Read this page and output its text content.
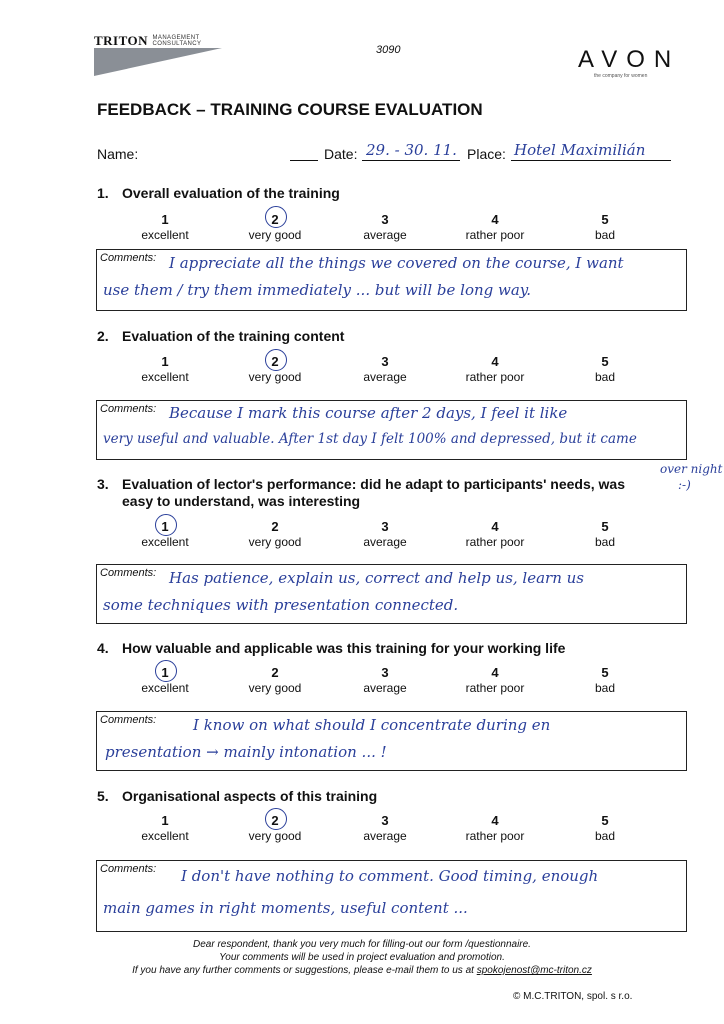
TRITON MANAGEMENT
CONSULTANCY
3090	AVON
the company for women
FEEDBACK – TRAINING COURSE EVALUATION
Name:	Date: 29. - 30. 11. Place: Hotel Maximilián
1. Overall evaluation of the training
1
excellent
2
very good
3
average
4
rather poor
5
bad
Comments: I appreciate all the things we covered on the course, I want
use them / try them immediately ... but will be long way.
2. Evaluation of the training content
1
excellent
2
very good
3
average
4
rather poor
5
bad
Comments: Because I mark this course after 2 days, I feel it like
very useful and valuable. After 1st day I felt 100% and depressed, but it came
over night
:-)
3. Evaluation of lector's performance: did he adapt to participants' needs, was
easy to understand, was interesting
1
excellent
2
very good
3
average
4
rather poor
5
bad
Comments: Has patience, explain us, correct and help us, learn us
some techniques with presentation connected.
4. How valuable and applicable was this training for your working life
1
excellent
2
very good
3
average
4
rather poor
5
bad
Comments: I know on what should I concentrate during en
presentation → mainly intonation ... !
5. Organisational aspects of this training
1
excellent
2
very good
3
average
4
rather poor
5
bad
Comments: I don't have nothing to comment. Good timing, enough
main games in right moments, useful content ...
Dear respondent, thank you very much for filling-out our form /questionnaire.
Your comments will be used in project evaluation and promotion.
If you have any further comments or suggestions, please e-mail them to us at spokojenost@mc-triton.cz
© M.C.TRITON, spol. s r.o.
